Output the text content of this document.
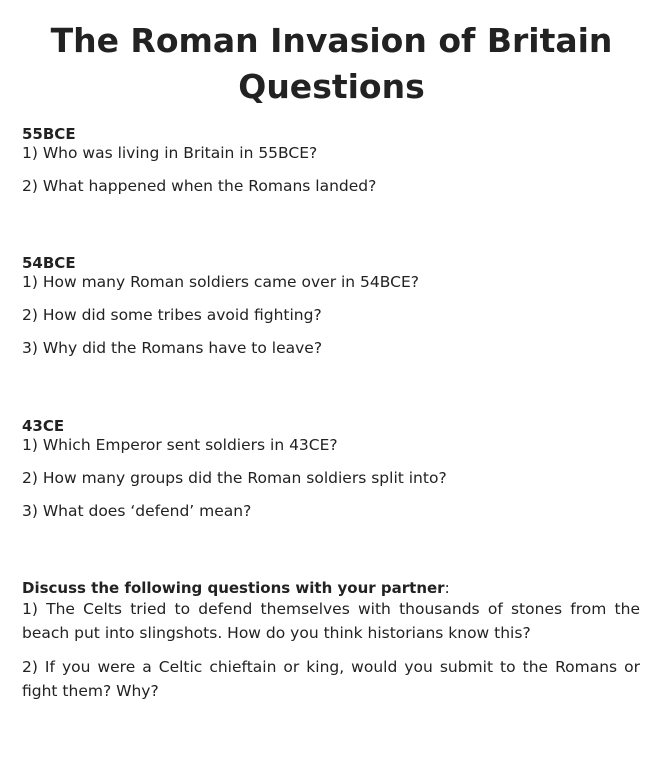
The Roman Invasion of Britain
Questions

55BCE

1) Who was living in Britain in 55BCE?

2) What happened when the Romans landed?

54BCE

1) How many Roman soldiers came over in 54BCE?

2) How did some tribes avoid fighting?

3) Why did the Romans have to leave?

43CE

1) Which Emperor sent soldiers in 43CE?

2) How many groups did the Roman soldiers split into?

3) What does ‘defend’ mean?

Discuss the following questions with your partner:

1) The Celts tried to defend themselves with thousands of stones from the beach put into slingshots. How do you think historians know this?

2) If you were a Celtic chieftain or king, would you submit to the Romans or fight them? Why?
